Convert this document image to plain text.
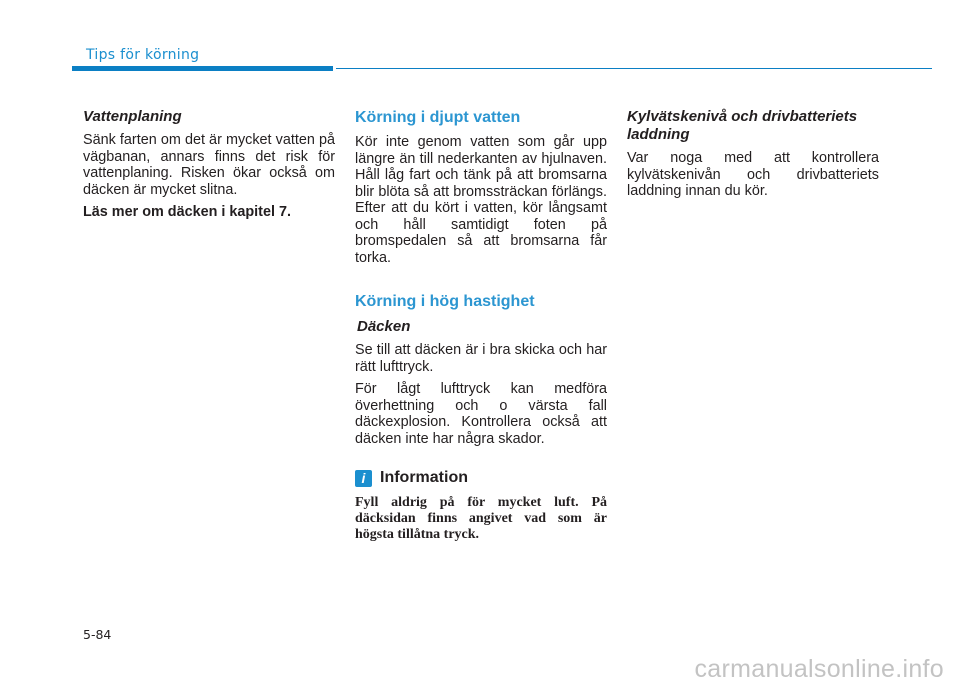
Tips för körning
Vattenplaning

Sänk farten om det är mycket vatten på vägbanan, annars finns det risk för vattenplaning. Risken ökar också om däcken är mycket slitna.

Läs mer om däcken i kapitel 7.

Körning i djupt vatten

Kör inte genom vatten som går upp längre än till nederkanten av hjulnaven. Håll låg fart och tänk på att bromsarna blir blöta så att bromssträckan förlängs. Efter att du kört i vatten, kör långsamt och håll samtidigt foten på bromspedalen så att bromsarna får torka.

Körning i hög hastighet
Däcken

Se till att däcken är i bra skicka och har rätt lufttryck.

För lågt lufttryck kan medföra överhettning och o värsta fall däckexplosion. Kontrollera också att däcken inte har några skador.

i Information

Fyll aldrig på för mycket luft. På däcksidan finns angivet vad som är högsta tillåtna tryck.

Kylvätskenivå och drivbatteriets laddning

Var noga med att kontrollera kylvätskenivån och drivbatteriets laddning innan du kör.

5-84
carmanualsonline.info
